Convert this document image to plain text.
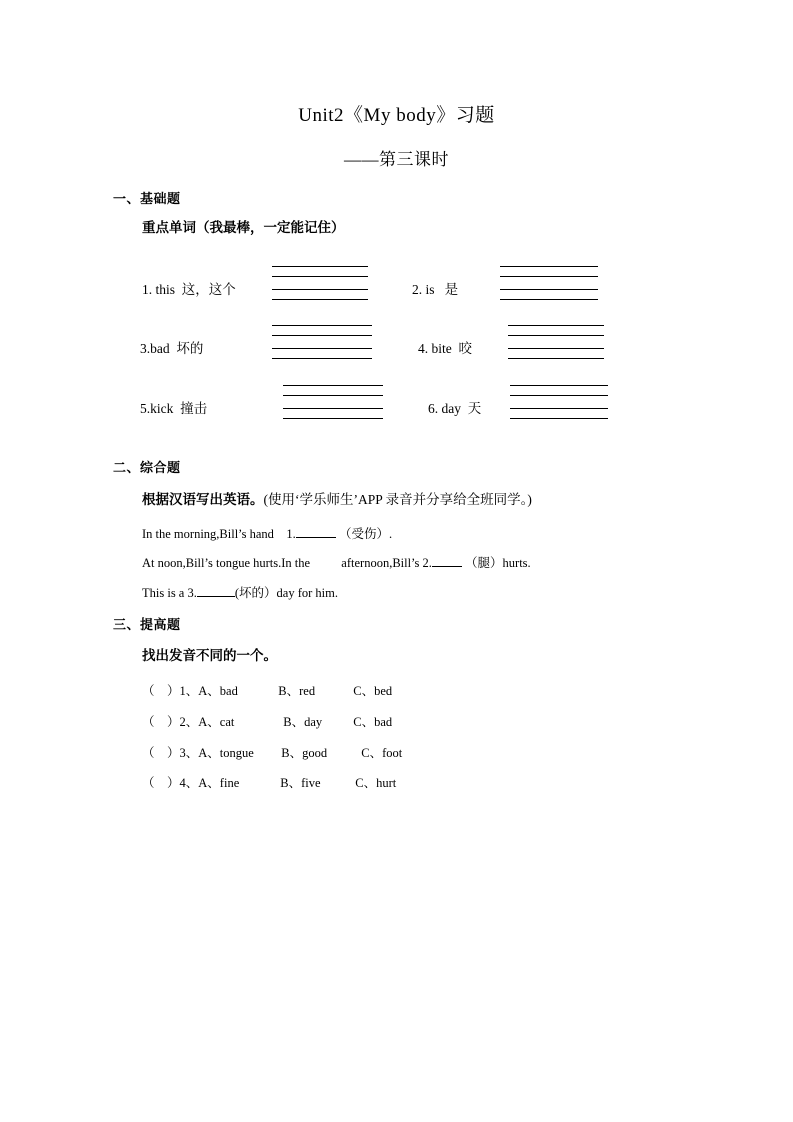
Unit2《My body》习题
——第三课时
一、基础题
重点单词（我最棒，一定能记住）
1. this 这，这个	2. is 是
3.bad 坏的	4. bite 咬
5.kick 撞击	6. day 天
二、综合题
根据汉语写出英语。(使用‘学乐师生’APP 录音并分享给全班同学。)
In the morning,Bill’s hand    1.	（受伤）.
At noon,Bill’s tongue hurts.In the          afternoon,Bill’s 2.	（腿）hurts.
This is a 3.	(坏的）day for him.
三、提高题
找出发音不同的一个。
（    ）1、A、bad	B、red	C、bed
（    ）2、A、cat	B、day C、bad
（    ）3、A、tongue B、good	C、foot
（    ）4、A、fine	B、five	C、hurt
